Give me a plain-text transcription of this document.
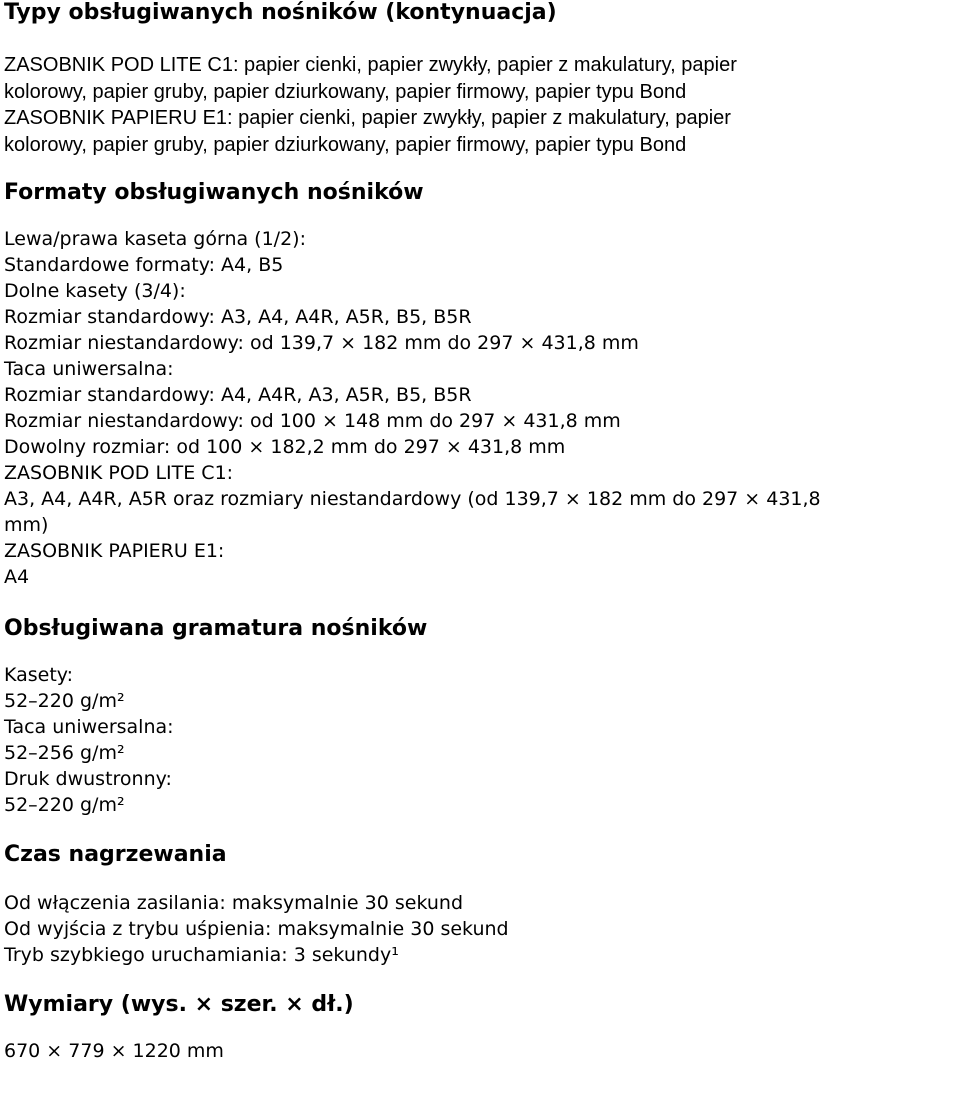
Typy obsługiwanych nośników (kontynuacja)
ZASOBNIK POD LITE C1: papier cienki, papier zwykły, papier z makulatury, papier
kolorowy, papier gruby, papier dziurkowany, papier firmowy, papier typu Bond
ZASOBNIK PAPIERU E1: papier cienki, papier zwykły, papier z makulatury, papier
kolorowy, papier gruby, papier dziurkowany, papier firmowy, papier typu Bond
Formaty obsługiwanych nośników
Lewa/prawa kaseta górna (1/2):
Standardowe formaty: A4, B5
Dolne kasety (3/4):
Rozmiar standardowy: A3, A4, A4R, A5R, B5, B5R
Rozmiar niestandardowy: od 139,7 × 182 mm do 297 × 431,8 mm
Taca uniwersalna:
Rozmiar standardowy: A4, A4R, A3, A5R, B5, B5R
Rozmiar niestandardowy: od 100 × 148 mm do 297 × 431,8 mm
Dowolny rozmiar: od 100 × 182,2 mm do 297 × 431,8 mm
ZASOBNIK POD LITE C1:
A3, A4, A4R, A5R oraz rozmiary niestandardowy (od 139,7 × 182 mm do 297 × 431,8
mm)
ZASOBNIK PAPIERU E1:
A4
Obsługiwana gramatura nośników
Kasety:
52–220 g/m²
Taca uniwersalna:
52–256 g/m²
Druk dwustronny:
52–220 g/m²
Czas nagrzewania
Od włączenia zasilania: maksymalnie 30 sekund
Od wyjścia z trybu uśpienia: maksymalnie 30 sekund
Tryb szybkiego uruchamiania: 3 sekundy¹
Wymiary (wys. × szer. × dł.)
670 × 779 × 1220 mm
